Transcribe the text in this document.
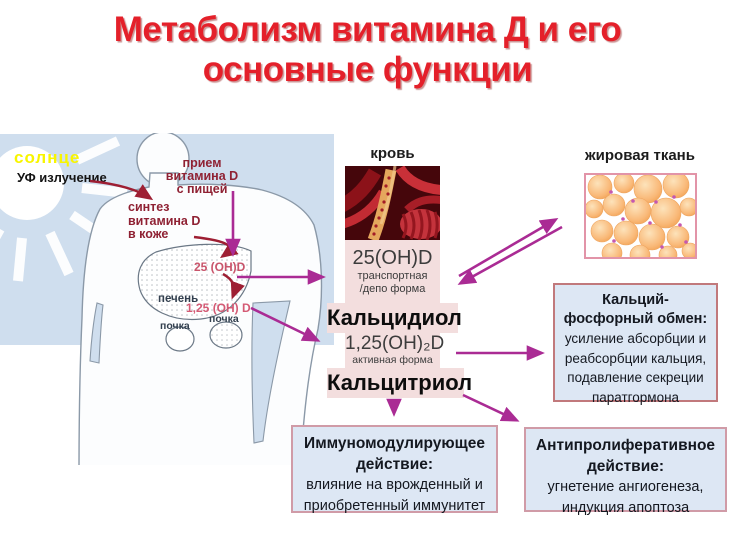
Метаболизм витамина Д и его
основные функции
солнце
УФ излучение
прием
витамина D
с пищей
синтез
витамина D
в коже
25 (ОН)D
печень
1,25 (ОН) D
почка
почка
кровь
25(OH)D
транспортная
/депо форма
Кальцидиол
1,25(OH)₂D
активная форма
Кальцитриол
жировая ткань
Кальций-
фосфорный обмен:
усиление абсорбции и
реабсорбции кальция,
подавление секреции
паратгормона
Иммуномодулирующее
действие:
влияние на врожденный и
приобретенный иммунитет
Антипролиферативное
действие:
угнетение ангиогенеза,
индукция апоптоза
